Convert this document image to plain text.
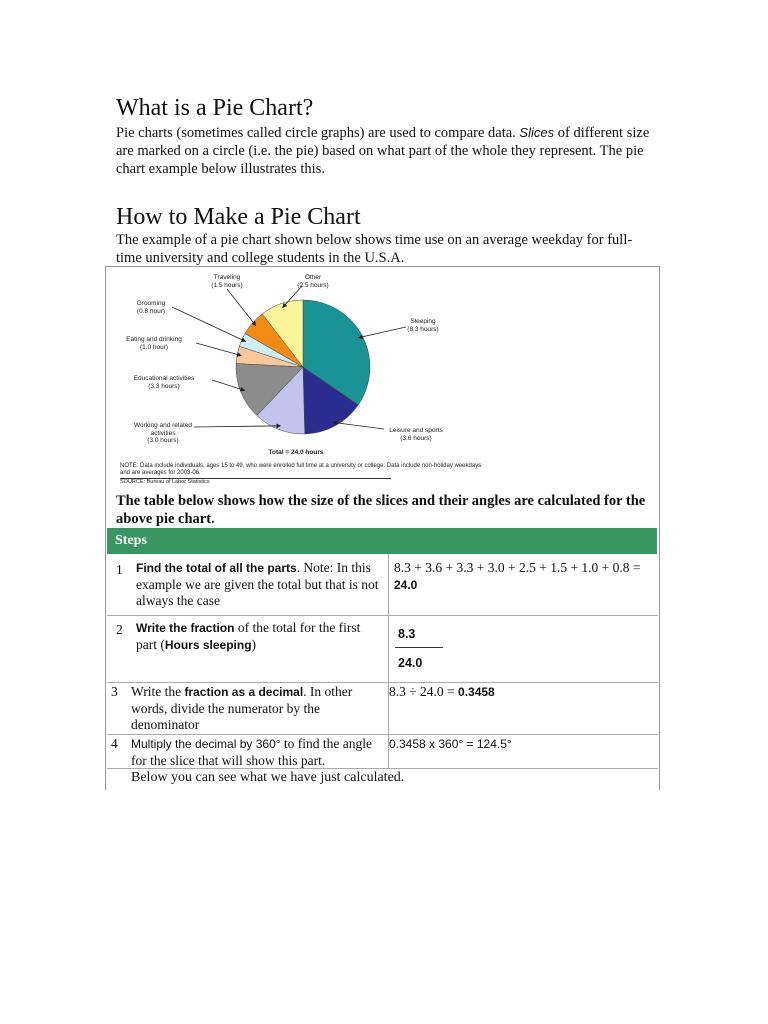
What is a Pie Chart?

Pie charts (sometimes called circle graphs) are used to compare data. Slices of different size are marked on a circle (i.e. the pie) based on what part of the whole they represent. The pie chart example below illustrates this.

How to Make a Pie Chart

The example of a pie chart shown below shows time use on an average weekday for full-time university and college students in the U.S.A.

Traveling
(1.5 hours)
Other
(2.5 hours)
Grooming
(0.8 hour)
Eating and drinking
(1.0 hour)
Educational activities
(3.3 hours)
Working and related activities
(3.0 hours)
Sleeping
(8.3 hours)
Leisure and sports
(3.6 hours)
Total = 24.0 hours
NOTE: Data include individuals, ages 15 to 49, who were enrolled full time at a university or college. Data include non-holiday weekdays and are averages for 2003-06.
SOURCE: Bureau of Labor Statistics
The table below shows how the size of the slices and their angles are calculated for the above pie chart.
Steps
1 Find the total of all the parts. Note: In this example we are given the total but that is not always the case
8.3 + 3.6 + 3.3 + 3.0 + 2.5 + 1.5 + 1.0 + 0.8 =
24.0
2 Write the fraction of the total for the first part (Hours sleeping)
8.3
24.0
3 Write the fraction as a decimal. In other words, divide the numerator by the denominator
8.3 ÷ 24.0 = 0.3458
4 Multiply the decimal by 360° to find the angle for the slice that will show this part.
0.3458 x 360° = 124.5°
Below you can see what we have just calculated.
